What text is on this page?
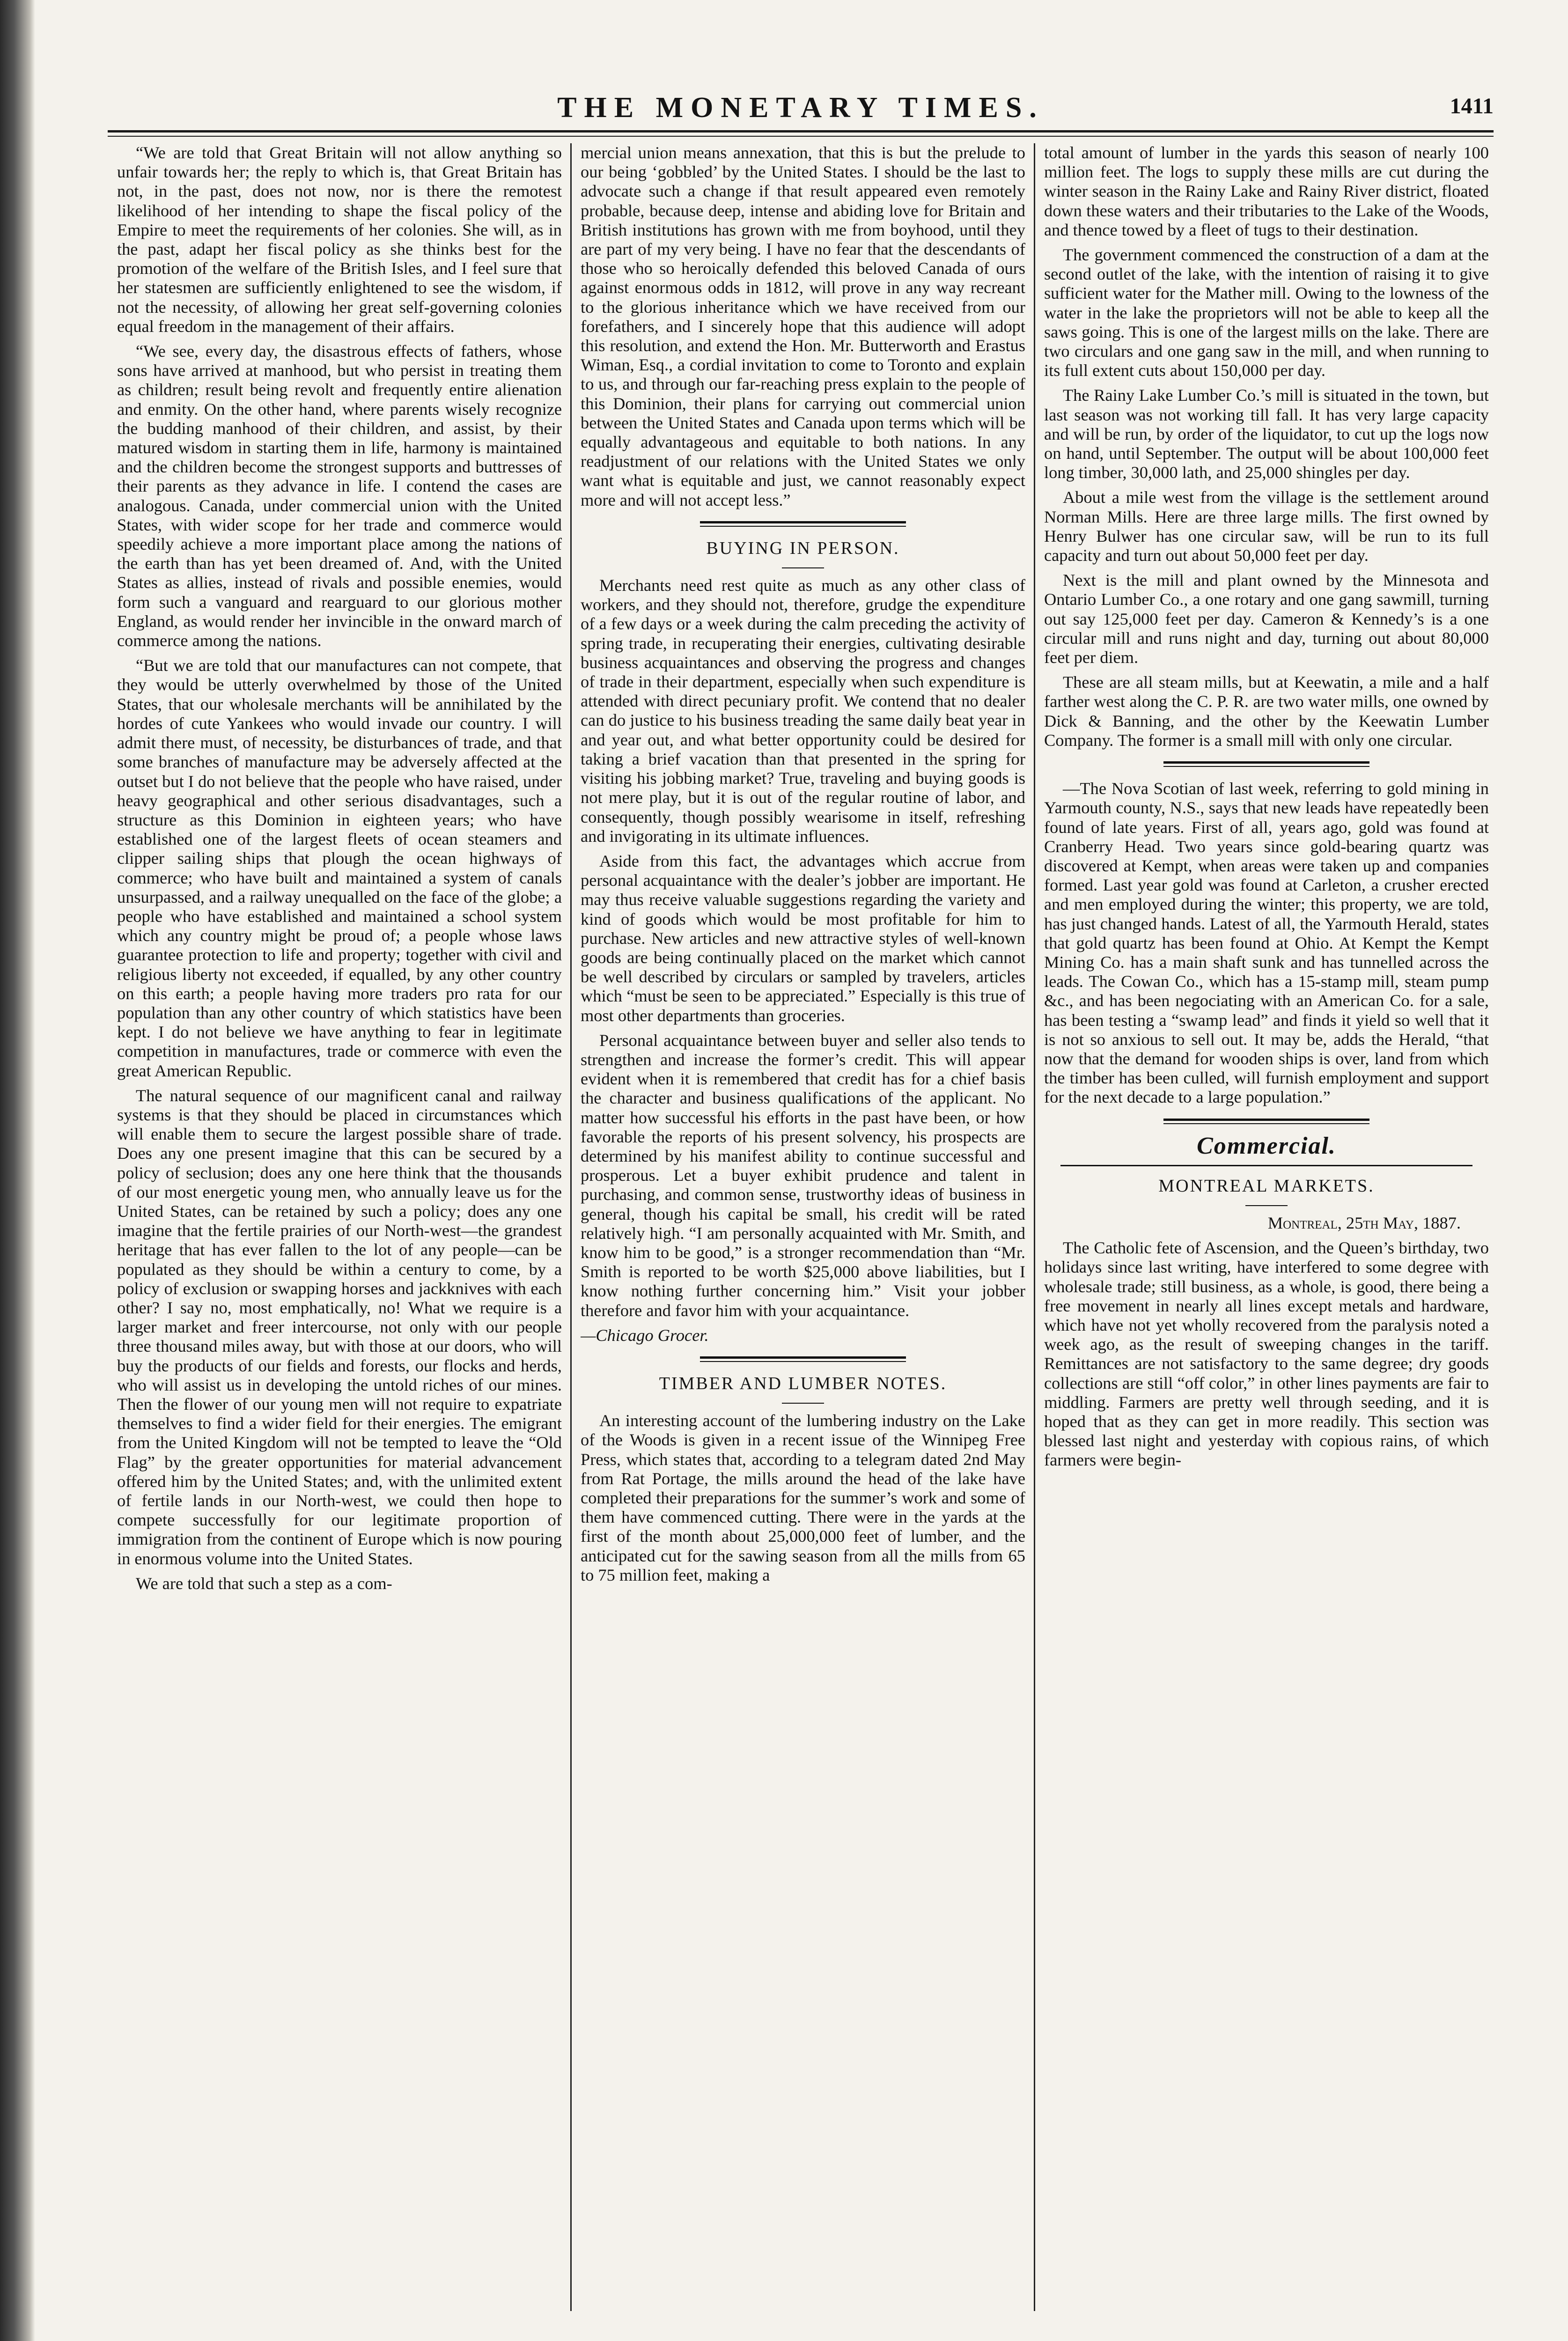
THE MONETARY TIMES.	1411

“We are told that Great Britain will not allow anything so unfair towards her; the reply to which is, that Great Britain has not, in the past, does not now, nor is there the remotest likelihood of her intending to shape the fiscal policy of the Empire to meet the requirements of her colonies. She will, as in the past, adapt her fiscal policy as she thinks best for the promotion of the welfare of the British Isles, and I feel sure that her statesmen are sufficiently enlightened to see the wisdom, if not the necessity, of allowing her great self-governing colonies equal freedom in the management of their affairs.

“We see, every day, the disastrous effects of fathers, whose sons have arrived at manhood, but who persist in treating them as children; result being revolt and frequently entire alienation and enmity. On the other hand, where parents wisely recognize the budding manhood of their children, and assist, by their matured wisdom in starting them in life, harmony is maintained and the children become the strongest supports and buttresses of their parents as they advance in life. I contend the cases are analogous. Canada, under commercial union with the United States, with wider scope for her trade and commerce would speedily achieve a more important place among the nations of the earth than has yet been dreamed of. And, with the United States as allies, instead of rivals and possible enemies, would form such a vanguard and rearguard to our glorious mother England, as would render her invincible in the onward march of commerce among the nations.

“But we are told that our manufactures can not compete, that they would be utterly overwhelmed by those of the United States, that our wholesale merchants will be annihilated by the hordes of cute Yankees who would invade our country. I will admit there must, of necessity, be disturbances of trade, and that some branches of manufacture may be adversely affected at the outset but I do not believe that the people who have raised, under heavy geographical and other serious disadvantages, such a structure as this Dominion in eighteen years; who have established one of the largest fleets of ocean steamers and clipper sailing ships that plough the ocean highways of commerce; who have built and maintained a system of canals unsurpassed, and a railway unequalled on the face of the globe; a people who have established and maintained a school system which any country might be proud of; a people whose laws guarantee protection to life and property; together with civil and religious liberty not exceeded, if equalled, by any other country on this earth; a people having more traders pro rata for our population than any other country of which statistics have been kept. I do not believe we have anything to fear in legitimate competition in manufactures, trade or commerce with even the great American Republic.

The natural sequence of our magnificent canal and railway systems is that they should be placed in circumstances which will enable them to secure the largest possible share of trade. Does any one present imagine that this can be secured by a policy of seclusion; does any one here think that the thousands of our most energetic young men, who annually leave us for the United States, can be retained by such a policy; does any one imagine that the fertile prairies of our North-west—the grandest heritage that has ever fallen to the lot of any people—can be populated as they should be within a century to come, by a policy of exclusion or swapping horses and jackknives with each other? I say no, most emphatically, no! What we require is a larger market and freer intercourse, not only with our people three thousand miles away, but with those at our doors, who will buy the products of our fields and forests, our flocks and herds, who will assist us in developing the untold riches of our mines. Then the flower of our young men will not require to expatriate themselves to find a wider field for their energies. The emigrant from the United Kingdom will not be tempted to leave the “Old Flag” by the greater opportunities for material advancement offered him by the United States; and, with the unlimited extent of fertile lands in our North-west, we could then hope to compete successfully for our legitimate proportion of immigration from the continent of Europe which is now pouring in enormous volume into the United States.

We are told that such a step as a com-

mercial union means annexation, that this is but the prelude to our being ‘gobbled’ by the United States. I should be the last to advocate such a change if that result appeared even remotely probable, because deep, intense and abiding love for Britain and British institutions has grown with me from boyhood, until they are part of my very being. I have no fear that the descendants of those who so heroically defended this beloved Canada of ours against enormous odds in 1812, will prove in any way recreant to the glorious inheritance which we have received from our forefathers, and I sincerely hope that this audience will adopt this resolution, and extend the Hon. Mr. Butterworth and Erastus Wiman, Esq., a cordial invitation to come to Toronto and explain to us, and through our far-reaching press explain to the people of this Dominion, their plans for carrying out commercial union between the United States and Canada upon terms which will be equally advantageous and equitable to both nations. In any readjustment of our relations with the United States we only want what is equitable and just, we cannot reasonably expect more and will not accept less.”

BUYING IN PERSON.

Merchants need rest quite as much as any other class of workers, and they should not, therefore, grudge the expenditure of a few days or a week during the calm preceding the activity of spring trade, in recuperating their energies, cultivating desirable business acquaintances and observing the progress and changes of trade in their department, especially when such expenditure is attended with direct pecuniary profit. We contend that no dealer can do justice to his business treading the same daily beat year in and year out, and what better opportunity could be desired for taking a brief vacation than that presented in the spring for visiting his jobbing market? True, traveling and buying goods is not mere play, but it is out of the regular routine of labor, and consequently, though possibly wearisome in itself, refreshing and invigorating in its ultimate influences.

Aside from this fact, the advantages which accrue from personal acquaintance with the dealer’s jobber are important. He may thus receive valuable suggestions regarding the variety and kind of goods which would be most profitable for him to purchase. New articles and new attractive styles of well-known goods are being continually placed on the market which cannot be well described by circulars or sampled by travelers, articles which “must be seen to be appreciated.” Especially is this true of most other departments than groceries.

Personal acquaintance between buyer and seller also tends to strengthen and increase the former’s credit. This will appear evident when it is remembered that credit has for a chief basis the character and business qualifications of the applicant. No matter how successful his efforts in the past have been, or how favorable the reports of his present solvency, his prospects are determined by his manifest ability to continue successful and prosperous. Let a buyer exhibit prudence and talent in purchasing, and common sense, trustworthy ideas of business in general, though his capital be small, his credit will be rated relatively high. “I am personally acquainted with Mr. Smith, and know him to be good,” is a stronger recommendation than “Mr. Smith is reported to be worth $25,000 above liabilities, but I know nothing further concerning him.” Visit your jobber therefore and favor him with your acquaintance.

—Chicago Grocer.

TIMBER AND LUMBER NOTES.

An interesting account of the lumbering industry on the Lake of the Woods is given in a recent issue of the Winnipeg Free Press, which states that, according to a telegram dated 2nd May from Rat Portage, the mills around the head of the lake have completed their preparations for the summer’s work and some of them have commenced cutting. There were in the yards at the first of the month about 25,000,000 feet of lumber, and the anticipated cut for the sawing season from all the mills from 65 to 75 million feet, making a

total amount of lumber in the yards this season of nearly 100 million feet. The logs to supply these mills are cut during the winter season in the Rainy Lake and Rainy River district, floated down these waters and their tributaries to the Lake of the Woods, and thence towed by a fleet of tugs to their destination.

The government commenced the construction of a dam at the second outlet of the lake, with the intention of raising it to give sufficient water for the Mather mill. Owing to the lowness of the water in the lake the proprietors will not be able to keep all the saws going. This is one of the largest mills on the lake. There are two circulars and one gang saw in the mill, and when running to its full extent cuts about 150,000 per day.

The Rainy Lake Lumber Co.’s mill is situated in the town, but last season was not working till fall. It has very large capacity and will be run, by order of the liquidator, to cut up the logs now on hand, until September. The output will be about 100,000 feet long timber, 30,000 lath, and 25,000 shingles per day.

About a mile west from the village is the settlement around Norman Mills. Here are three large mills. The first owned by Henry Bulwer has one circular saw, will be run to its full capacity and turn out about 50,000 feet per day.

Next is the mill and plant owned by the Minnesota and Ontario Lumber Co., a one rotary and one gang sawmill, turning out say 125,000 feet per day. Cameron & Kennedy’s is a one circular mill and runs night and day, turning out about 80,000 feet per diem.

These are all steam mills, but at Keewatin, a mile and a half farther west along the C. P. R. are two water mills, one owned by Dick & Banning, and the other by the Keewatin Lumber Company. The former is a small mill with only one circular.

—The Nova Scotian of last week, referring to gold mining in Yarmouth county, N.S., says that new leads have repeatedly been found of late years. First of all, years ago, gold was found at Cranberry Head. Two years since gold-bearing quartz was discovered at Kempt, when areas were taken up and companies formed. Last year gold was found at Carleton, a crusher erected and men employed during the winter; this property, we are told, has just changed hands. Latest of all, the Yarmouth Herald, states that gold quartz has been found at Ohio. At Kempt the Kempt Mining Co. has a main shaft sunk and has tunnelled across the leads. The Cowan Co., which has a 15-stamp mill, steam pump &c., and has been negociating with an American Co. for a sale, has been testing a “swamp lead” and finds it yield so well that it is not so anxious to sell out. It may be, adds the Herald, “that now that the demand for wooden ships is over, land from which the timber has been culled, will furnish employment and support for the next decade to a large population.”

Commercial.
MONTREAL MARKETS.

Montreal, 25th May, 1887.

The Catholic fete of Ascension, and the Queen’s birthday, two holidays since last writing, have interfered to some degree with wholesale trade; still business, as a whole, is good, there being a free movement in nearly all lines except metals and hardware, which have not yet wholly recovered from the paralysis noted a week ago, as the result of sweeping changes in the tariff. Remittances are not satisfactory to the same degree; dry goods collections are still “off color,” in other lines payments are fair to middling. Farmers are pretty well through seeding, and it is hoped that as they can get in more readily. This section was blessed last night and yesterday with copious rains, of which farmers were begin-
